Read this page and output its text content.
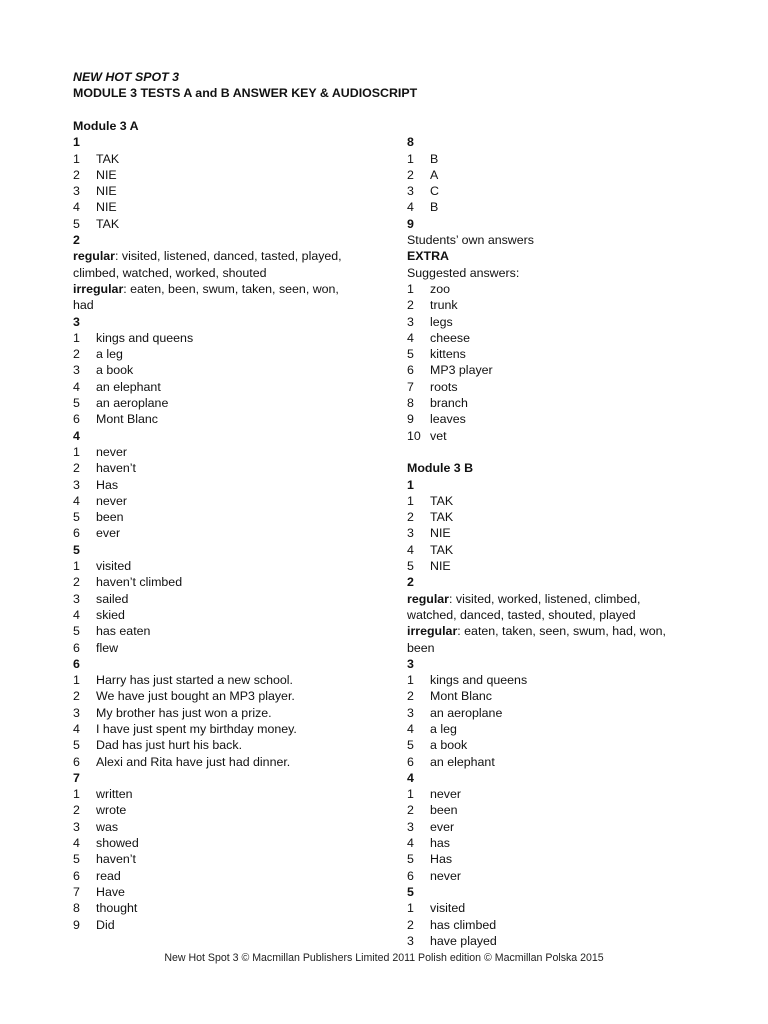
NEW HOT SPOT 3
MODULE 3 TESTS A and B ANSWER KEY & AUDIOSCRIPT
Module 3 A
1
1 TAK
2 NIE
3 NIE
4 NIE
5 TAK
2
regular: visited, listened, danced, tasted, played,
climbed, watched, worked, shouted
irregular: eaten, been, swum, taken, seen, won,
had
3
1 kings and queens
2 a leg
3 a book
4 an elephant
5 an aeroplane
6 Mont Blanc
4
1 never
2 haven’t
3 Has
4 never
5 been
6 ever
5
1 visited
2 haven’t climbed
3 sailed
4 skied
5 has eaten
6 flew
6
1 Harry has just started a new school.
2 We have just bought an MP3 player.
3 My brother has just won a prize.
4 I have just spent my birthday money.
5 Dad has just hurt his back.
6 Alexi and Rita have just had dinner.
7
1 written
2 wrote
3 was
4 showed
5 haven’t
6 read
7 Have
8 thought
9 Did
8
1 B
2 A
3 C
4 B
9
Students’ own answers
EXTRA
Suggested answers:
1 zoo
2 trunk
3 legs
4 cheese
5 kittens
6 MP3 player
7 roots
8 branch
9 leaves
10 vet
Module 3 B
1
1 TAK
2 TAK
3 NIE
4 TAK
5 NIE
2
regular: visited, worked, listened, climbed,
watched, danced, tasted, shouted, played
irregular: eaten, taken, seen, swum, had, won,
been
3
1 kings and queens
2 Mont Blanc
3 an aeroplane
4 a leg
5 a book
6 an elephant
4
1 never
2 been
3 ever
4 has
5 Has
6 never
5
1 visited
2 has climbed
3 have played
New Hot Spot 3 © Macmillan Publishers Limited 2011 Polish edition © Macmillan Polska 2015
